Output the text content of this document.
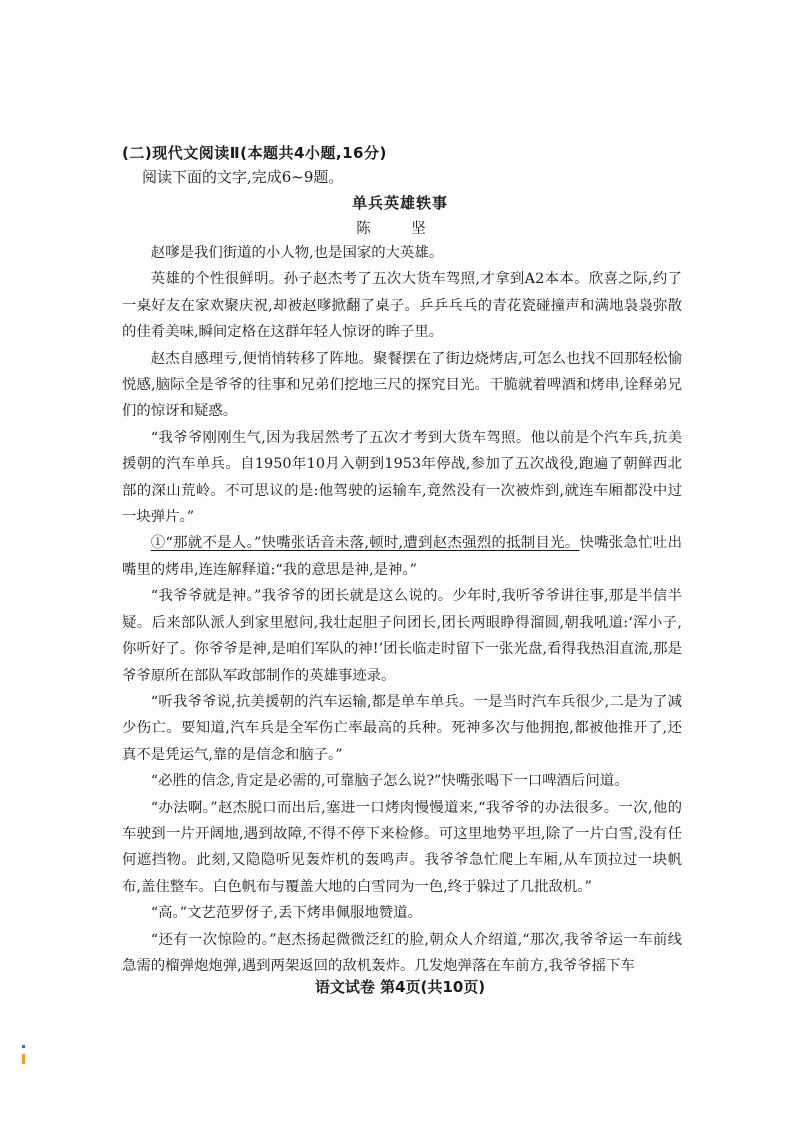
(二)现代文阅读Ⅱ(本题共4小题,16分)
阅读下面的文字,完成6~9题。
单兵英雄轶事
陈 坚

赵嗲是我们街道的小人物,也是国家的大英雄。

英雄的个性很鲜明。孙子赵杰考了五次大货车驾照,才拿到A2本本。欣喜之际,约了一桌好友在家欢聚庆祝,却被赵嗲掀翻了桌子。乒乒乓乓的青花瓷碰撞声和满地袅袅弥散的佳肴美味,瞬间定格在这群年轻人惊讶的眸子里。

赵杰自感理亏,便悄悄转移了阵地。聚餐摆在了街边烧烤店,可怎么也找不回那轻松愉悦感,脑际全是爷爷的往事和兄弟们挖地三尺的探究目光。干脆就着啤酒和烤串,诠释弟兄们的惊讶和疑惑。

“我爷爷刚刚生气,因为我居然考了五次才考到大货车驾照。他以前是个汽车兵,抗美援朝的汽车单兵。自1950年10月入朝到1953年停战,参加了五次战役,跑遍了朝鲜西北部的深山荒岭。不可思议的是:他驾驶的运输车,竟然没有一次被炸到,就连车厢都没中过一块弹片。”

①“那就不是人。”快嘴张话音未落,顿时,遭到赵杰强烈的抵制目光。快嘴张急忙吐出嘴里的烤串,连连解释道:“我的意思是神,是神。”

“我爷爷就是神。”我爷爷的团长就是这么说的。少年时,我听爷爷讲往事,那是半信半疑。后来部队派人到家里慰问,我壮起胆子问团长,团长两眼睁得溜圆,朝我吼道:‘浑小子,你听好了。你爷爷是神,是咱们军队的神!’团长临走时留下一张光盘,看得我热泪直流,那是爷爷原所在部队军政部制作的英雄事迹录。

“听我爷爷说,抗美援朝的汽车运输,都是单车单兵。一是当时汽车兵很少,二是为了减少伤亡。要知道,汽车兵是全军伤亡率最高的兵种。死神多次与他拥抱,都被他推开了,还真不是凭运气,靠的是信念和脑子。”

“必胜的信念,肯定是必需的,可靠脑子怎么说?”快嘴张喝下一口啤酒后问道。

“办法啊。”赵杰脱口而出后,塞进一口烤肉慢慢道来,“我爷爷的办法很多。一次,他的车驶到一片开阔地,遇到故障,不得不停下来检修。可这里地势平坦,除了一片白雪,没有任何遮挡物。此刻,又隐隐听见轰炸机的轰鸣声。我爷爷急忙爬上车厢,从车顶拉过一块帆布,盖住整车。白色帆布与覆盖大地的白雪同为一色,终于躲过了几批敌机。”

“高。”文艺范罗伢子,丢下烤串佩服地赞道。

“还有一次惊险的。”赵杰扬起微微泛红的脸,朝众人介绍道,“那次,我爷爷运一车前线急需的榴弹炮炮弹,遇到两架返回的敌机轰炸。几发炮弹落在车前方,我爷爷摇下车

语文试卷 第4页(共10页)
